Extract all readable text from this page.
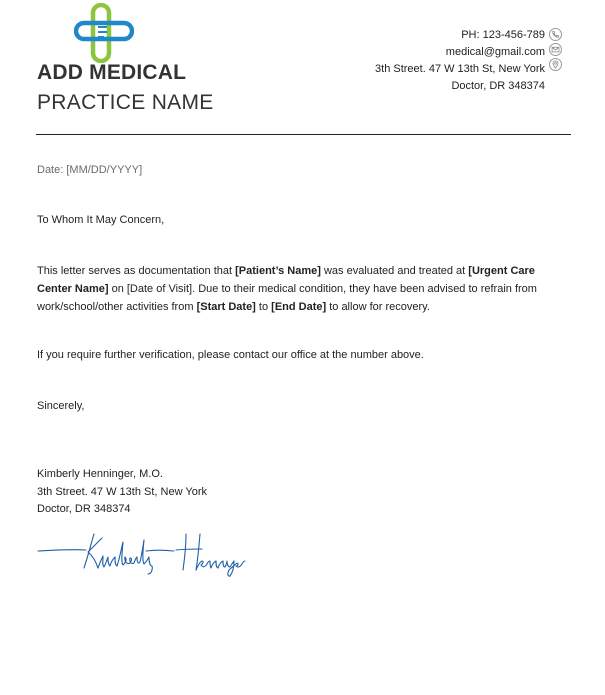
ADD MEDICAL
PRACTICE NAME
PH: 123-456-789
medical@gmail.com
3th Street. 47 W 13th St, New York
Doctor, DR 348374
Date: [MM/DD/YYYY]
To Whom It May Concern,
This letter serves as documentation that [Patient’s Name] was evaluated and treated at [Urgent Care Center Name] on [Date of Visit]. Due to their medical condition, they have been advised to refrain from work/school/other activities from [Start Date] to [End Date] to allow for recovery.
If you require further verification, please contact our office at the number above.
Sincerely,
Kimberly Henninger, M.O.
3th Street. 47 W 13th St, New York
Doctor, DR 348374
